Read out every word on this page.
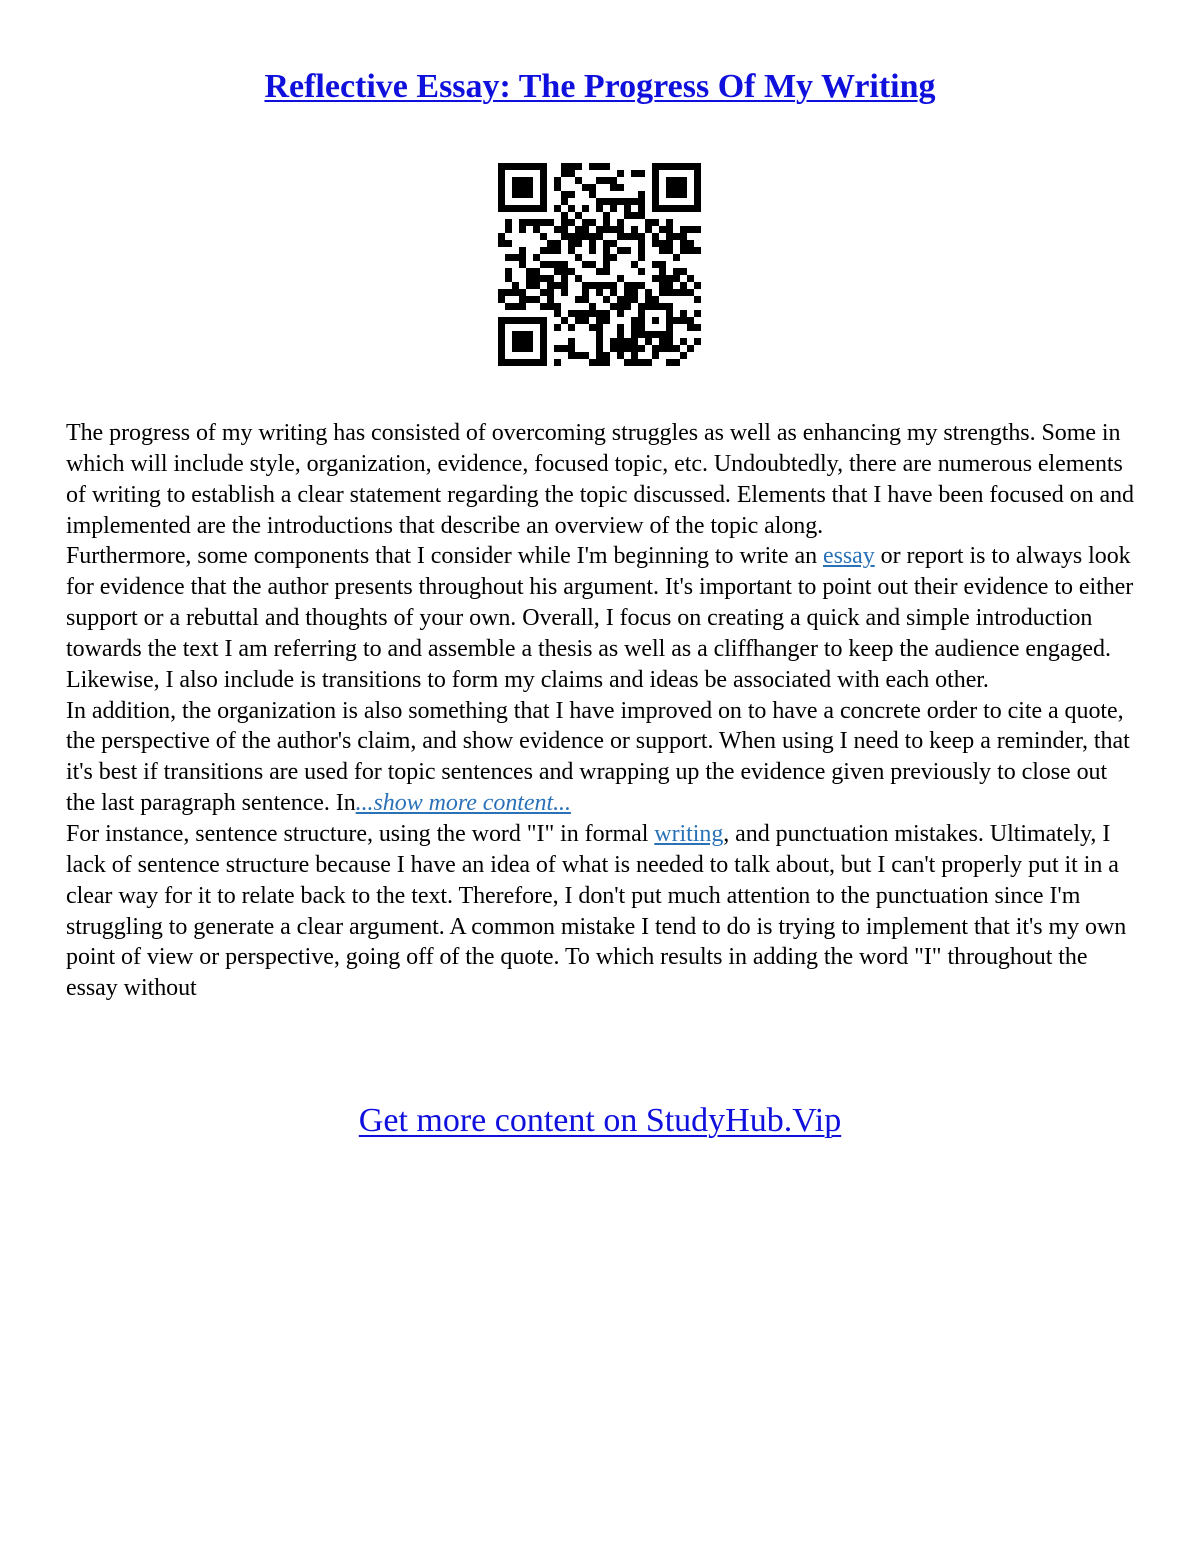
Reflective Essay: The Progress Of My Writing

The progress of my writing has consisted of overcoming struggles as well as enhancing my strengths. Some in which will include style, organization, evidence, focused topic, etc. Undoubtedly, there are numerous elements of writing to establish a clear statement regarding the topic discussed. Elements that I have been focused on and implemented are the introductions that describe an overview of the topic along.

Furthermore, some components that I consider while I'm beginning to write an essay or report is to always look for evidence that the author presents throughout his argument. It's important to point out their evidence to either support or a rebuttal and thoughts of your own. Overall, I focus on creating a quick and simple introduction towards the text I am referring to and assemble a thesis as well as a cliffhanger to keep the audience engaged. Likewise, I also include is transitions to form my claims and ideas be associated with each other.

In addition, the organization is also something that I have improved on to have a concrete order to cite a quote, the perspective of the author's claim, and show evidence or support. When using I need to keep a reminder, that it's best if transitions are used for topic sentences and wrapping up the evidence given previously to close out the last paragraph sentence. In...show more content...

For instance, sentence structure, using the word "I" in formal writing, and punctuation mistakes. Ultimately, I lack of sentence structure because I have an idea of what is needed to talk about, but I can't properly put it in a clear way for it to relate back to the text. Therefore, I don't put much attention to the punctuation since I'm struggling to generate a clear argument. A common mistake I tend to do is trying to implement that it's my own point of view or perspective, going off of the quote. To which results in adding the word "I" throughout the essay without

Get more content on StudyHub.Vip
